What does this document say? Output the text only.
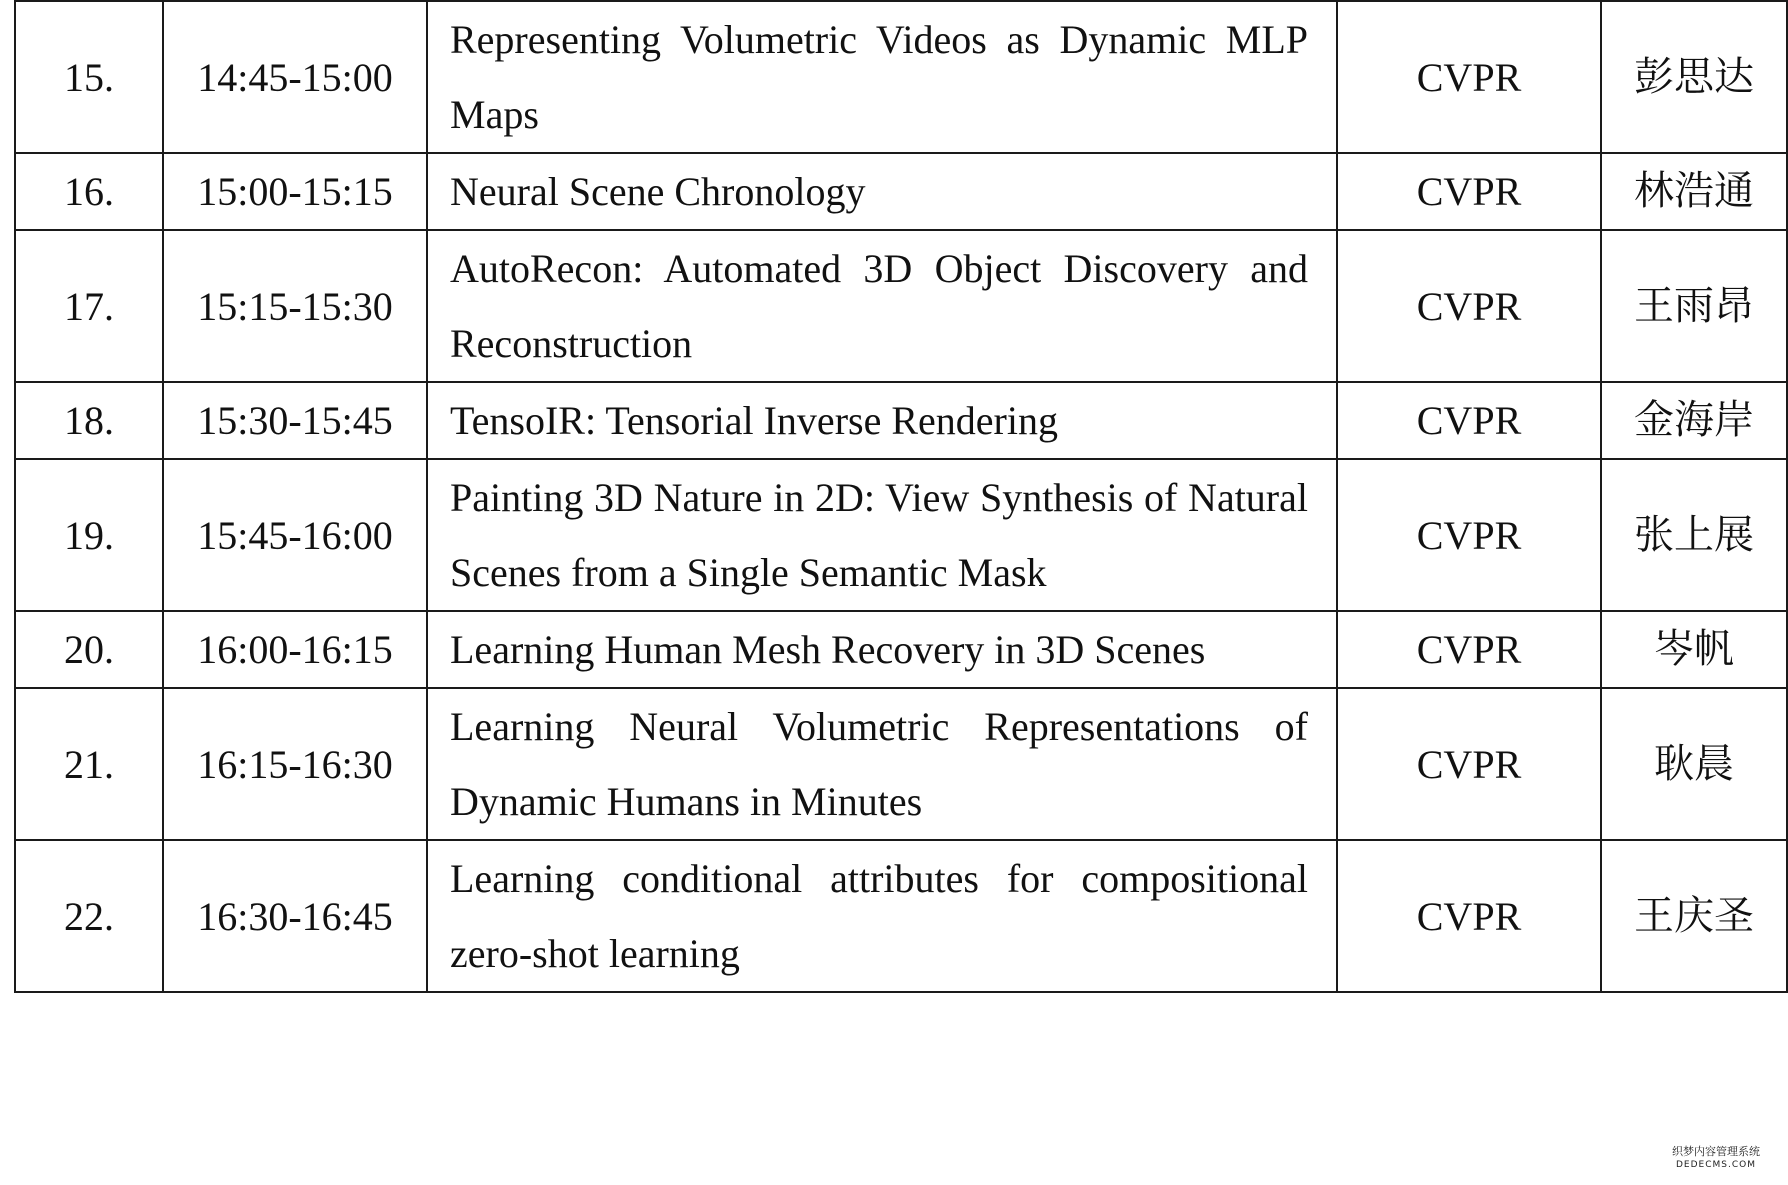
15.	14:45-15:00	Representing Volumetric Videos as Dynamic MLP Maps	CVPR	彭思达
16.	15:00-15:15	Neural Scene Chronology	CVPR	林浩通
17.	15:15-15:30	AutoRecon: Automated 3D Object Discovery and Reconstruction	CVPR	王雨昂
18.	15:30-15:45	TensoIR: Tensorial Inverse Rendering	CVPR	金海岸
19.	15:45-16:00	Painting 3D Nature in 2D: View Synthesis of Natural Scenes from a Single Semantic Mask	CVPR	张上展
20.	16:00-16:15	Learning Human Mesh Recovery in 3D Scenes	CVPR	岑帆
21.	16:15-16:30	Learning Neural Volumetric Representations of Dynamic Humans in Minutes	CVPR	耿晨
22.	16:30-16:45	Learning conditional attributes for compositional zero-shot learning	CVPR	王庆圣
织梦内容管理系统
DEDECMS.COM
